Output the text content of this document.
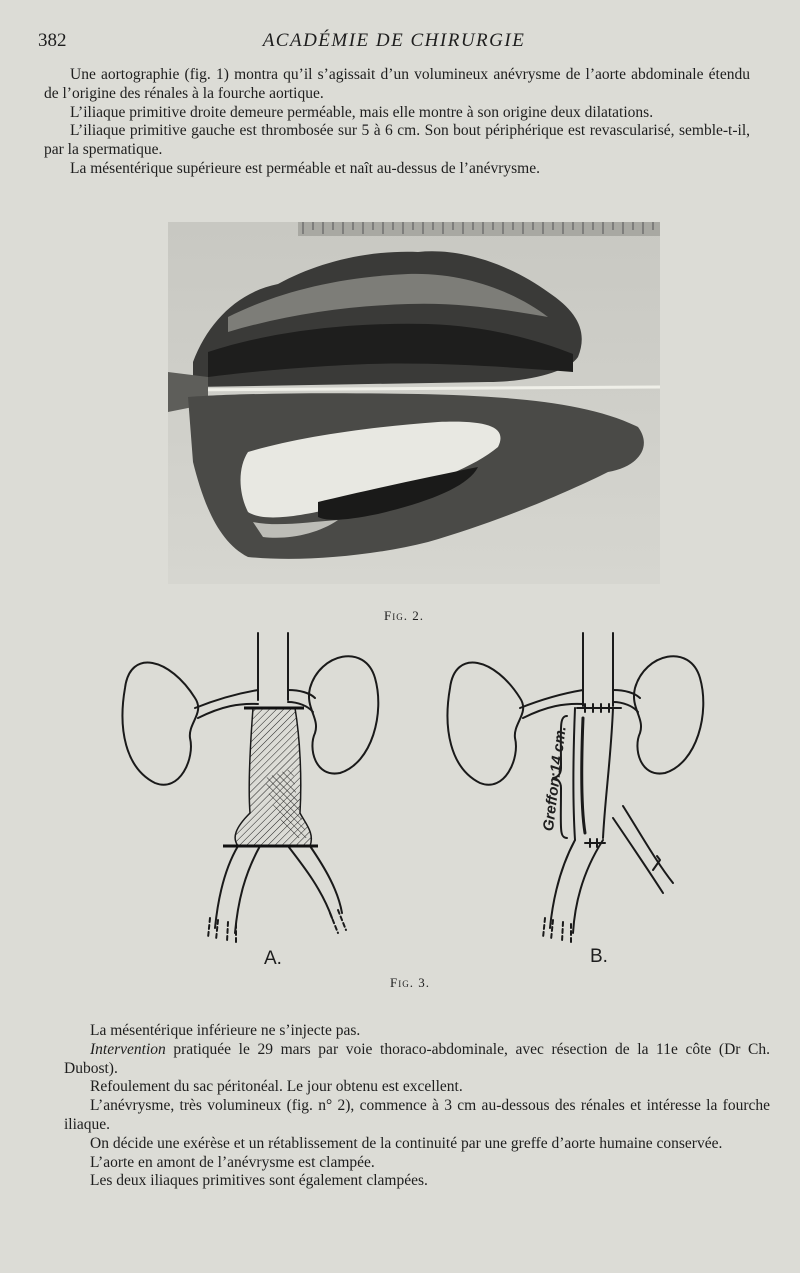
382	ACADÉMIE DE CHIRURGIE

Une aortographie (fig. 1) montra qu’il s’agissait d’un volumineux anévrysme de l’aorte abdominale étendu de l’origine des rénales à la fourche aortique.

L’iliaque primitive droite demeure perméable, mais elle montre à son origine deux dilatations.

L’iliaque primitive gauche est thrombosée sur 5 à 6 cm. Son bout périphérique est revascularisé, semble-t-il, par la spermatique.

La mésentérique supérieure est perméable et naît au-dessus de l’anévrysme.

Fig. 2.
Greffon:14 cm.
A.	B.
Fig. 3.

La mésentérique inférieure ne s’injecte pas.

Intervention pratiquée le 29 mars par voie thoraco-abdominale, avec résection de la 11e côte (Dr Ch. Dubost).

Refoulement du sac péritonéal. Le jour obtenu est excellent.

L’anévrysme, très volumineux (fig. n° 2), commence à 3 cm au-dessous des rénales et intéresse la fourche iliaque.

On décide une exérèse et un rétablissement de la continuité par une greffe d’aorte humaine conservée.

L’aorte en amont de l’anévrysme est clampée.

Les deux iliaques primitives sont également clampées.
